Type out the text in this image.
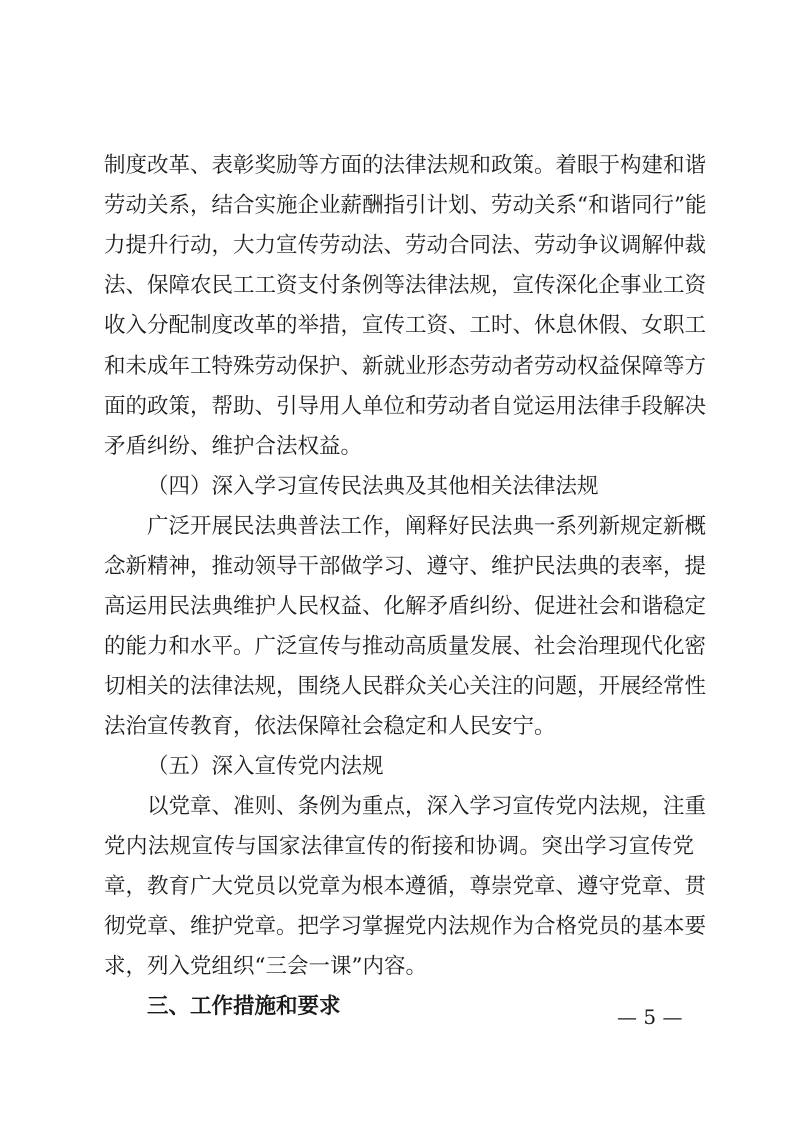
制度改革、表彰奖励等方面的法律法规和政策。着眼于构建和谐
劳动关系，结合实施企业薪酬指引计划、劳动关系“和谐同行”能
力提升行动，大力宣传劳动法、劳动合同法、劳动争议调解仲裁
法、保障农民工工资支付条例等法律法规，宣传深化企事业工资
收入分配制度改革的举措，宣传工资、工时、休息休假、女职工
和未成年工特殊劳动保护、新就业形态劳动者劳动权益保障等方
面的政策，帮助、引导用人单位和劳动者自觉运用法律手段解决
矛盾纠纷、维护合法权益。
（四）深入学习宣传民法典及其他相关法律法规
广泛开展民法典普法工作，阐释好民法典一系列新规定新概
念新精神，推动领导干部做学习、遵守、维护民法典的表率，提
高运用民法典维护人民权益、化解矛盾纠纷、促进社会和谐稳定
的能力和水平。广泛宣传与推动高质量发展、社会治理现代化密
切相关的法律法规，围绕人民群众关心关注的问题，开展经常性
法治宣传教育，依法保障社会稳定和人民安宁。
（五）深入宣传党内法规
以党章、准则、条例为重点，深入学习宣传党内法规，注重
党内法规宣传与国家法律宣传的衔接和协调。突出学习宣传党
章，教育广大党员以党章为根本遵循，尊崇党章、遵守党章、贯
彻党章、维护党章。把学习掌握党内法规作为合格党员的基本要
求，列入党组织“三会一课”内容。
三、工作措施和要求	— 5 —
